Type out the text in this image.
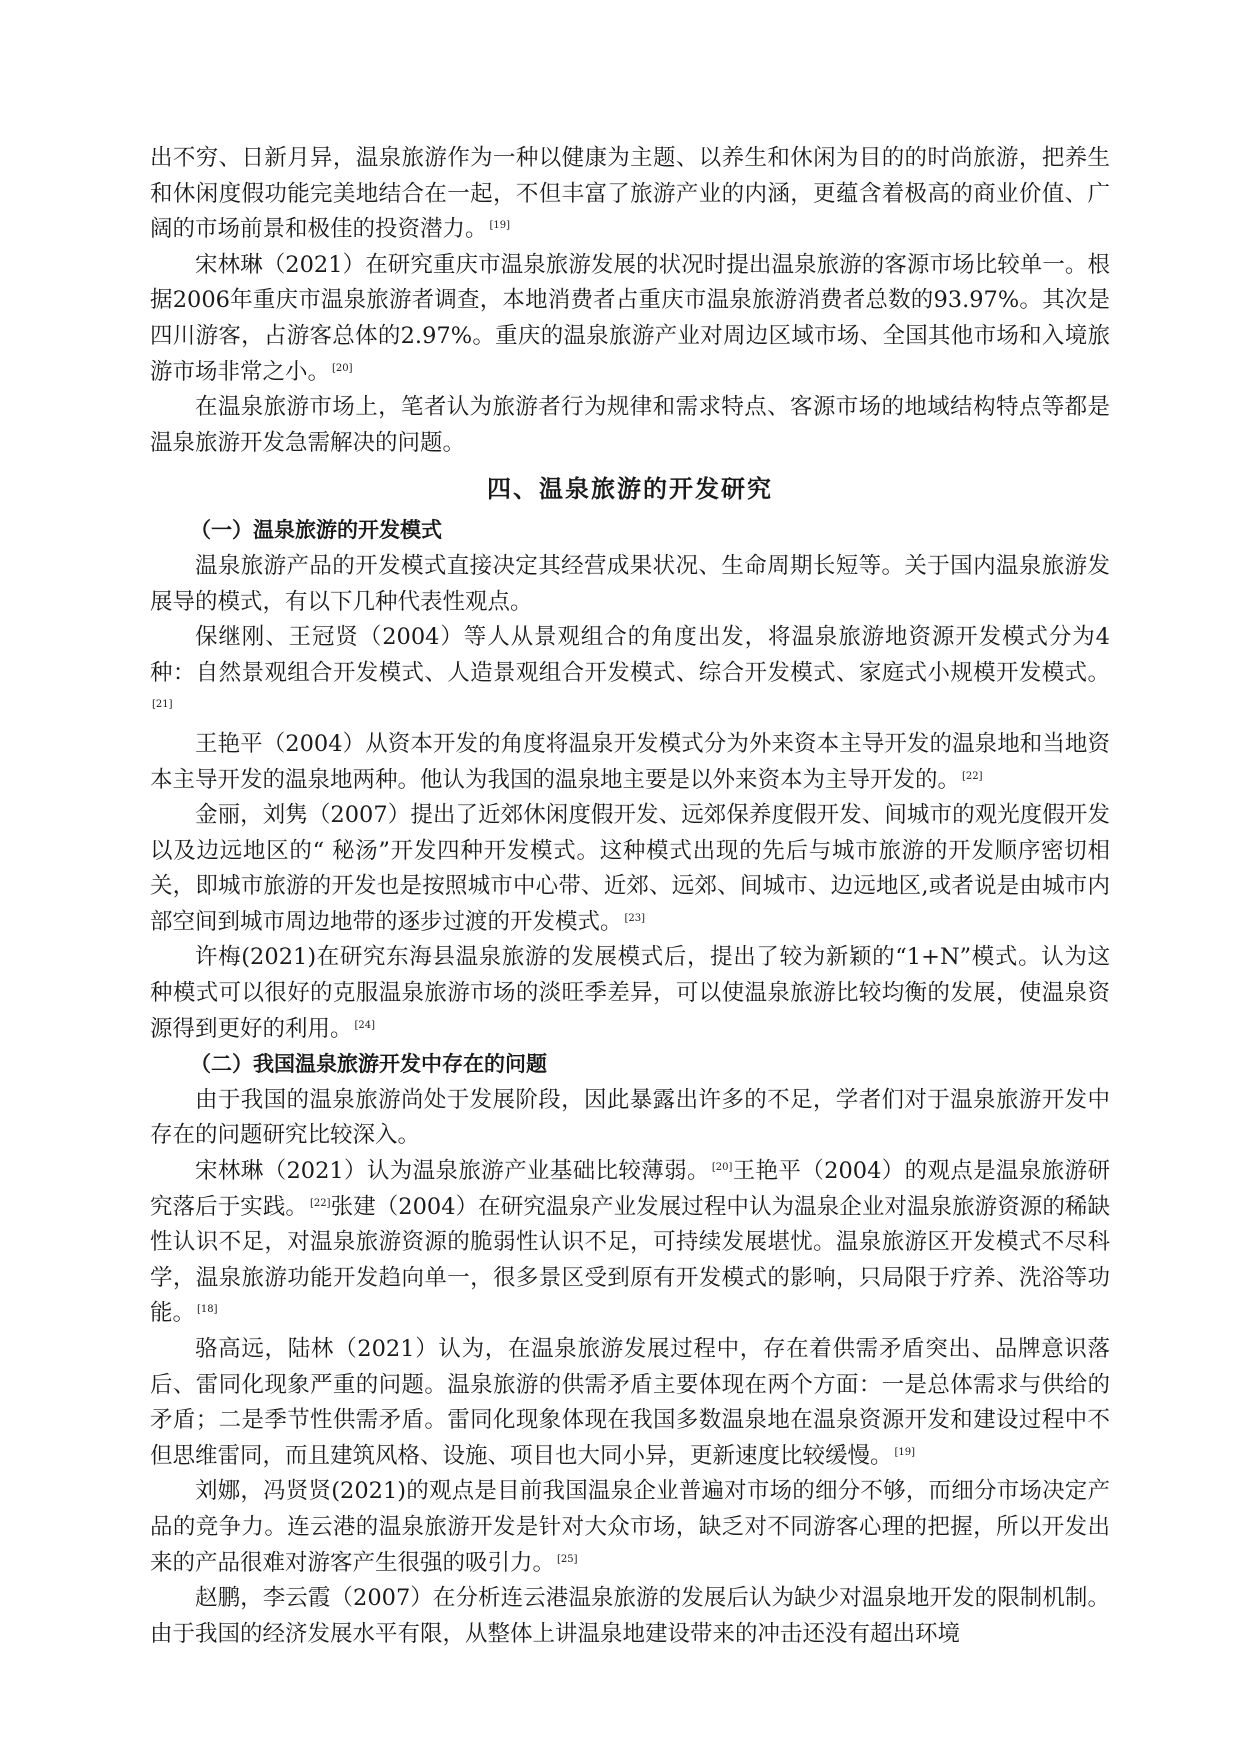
出不穷、日新月异，温泉旅游作为一种以健康为主题、以养生和休闲为目的的时尚旅游，把养生和休闲度假功能完美地结合在一起，不但丰富了旅游产业的内涵，更蕴含着极高的商业价值、广阔的市场前景和极佳的投资潜力。 [19]

宋林琳（2021）在研究重庆市温泉旅游发展的状况时提出温泉旅游的客源市场比较单一。根据2006年重庆市温泉旅游者调查，本地消费者占重庆市温泉旅游消费者总数的93.97%。其次是四川游客，占游客总体的2.97%。重庆的温泉旅游产业对周边区域市场、全国其他市场和入境旅游市场非常之小。 [20]

在温泉旅游市场上，笔者认为旅游者行为规律和需求特点、客源市场的地域结构特点等都是温泉旅游开发急需解决的问题。

四、温泉旅游的开发研究
（一）温泉旅游的开发模式

温泉旅游产品的开发模式直接决定其经营成果状况、生命周期长短等。关于国内温泉旅游发展导的模式，有以下几种代表性观点。

保继刚、王冠贤（2004）等人从景观组合的角度出发，将温泉旅游地资源开发模式分为4种：自然景观组合开发模式、人造景观组合开发模式、综合开发模式、家庭式小规模开发模式。[21]

王艳平（2004）从资本开发的角度将温泉开发模式分为外来资本主导开发的温泉地和当地资本主导开发的温泉地两种。他认为我国的温泉地主要是以外来资本为主导开发的。 [22]

金丽，刘隽（2007）提出了近郊休闲度假开发、远郊保养度假开发、间城市的观光度假开发以及边远地区的“ 秘汤”开发四种开发模式。这种模式出现的先后与城市旅游的开发顺序密切相关，即城市旅游的开发也是按照城市中心带、近郊、远郊、间城市、边远地区,或者说是由城市内部空间到城市周边地带的逐步过渡的开发模式。 [23]

许梅(2021)在研究东海县温泉旅游的发展模式后，提出了较为新颖的“1+N”模式。认为这种模式可以很好的克服温泉旅游市场的淡旺季差异，可以使温泉旅游比较均衡的发展，使温泉资源得到更好的利用。 [24]

（二）我国温泉旅游开发中存在的问题

由于我国的温泉旅游尚处于发展阶段，因此暴露出许多的不足，学者们对于温泉旅游开发中存在的问题研究比较深入。

宋林琳（2021）认为温泉旅游产业基础比较薄弱。 [20]王艳平（2004）的观点是温泉旅游研究落后于实践。 [22]张建（2004）在研究温泉产业发展过程中认为温泉企业对温泉旅游资源的稀缺性认识不足，对温泉旅游资源的脆弱性认识不足，可持续发展堪忧。温泉旅游区开发模式不尽科学，温泉旅游功能开发趋向单一，很多景区受到原有开发模式的影响，只局限于疗养、洗浴等功能。 [18]

骆高远，陆林（2021）认为，在温泉旅游发展过程中，存在着供需矛盾突出、品牌意识落后、雷同化现象严重的问题。温泉旅游的供需矛盾主要体现在两个方面：一是总体需求与供给的矛盾；二是季节性供需矛盾。雷同化现象体现在我国多数温泉地在温泉资源开发和建设过程中不但思维雷同，而且建筑风格、设施、项目也大同小异，更新速度比较缓慢。 [19]

刘娜，冯贤贤(2021)的观点是目前我国温泉企业普遍对市场的细分不够，而细分市场决定产品的竞争力。连云港的温泉旅游开发是针对大众市场，缺乏对不同游客心理的把握，所以开发出来的产品很难对游客产生很强的吸引力。 [25]

赵鹏，李云霞（2007）在分析连云港温泉旅游的发展后认为缺少对温泉地开发的限制机制。由于我国的经济发展水平有限，从整体上讲温泉地建设带来的冲击还没有超出环境
